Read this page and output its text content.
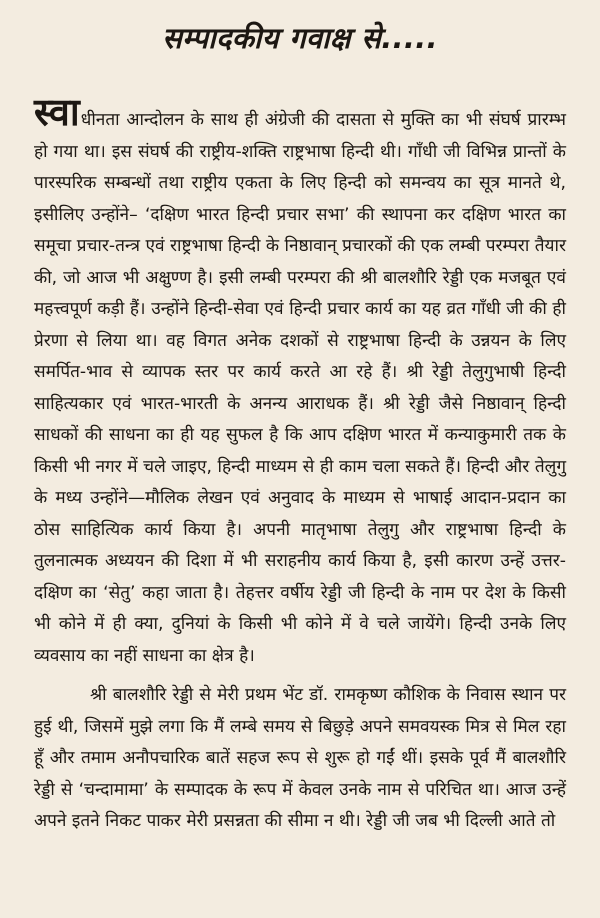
सम्पादकीय गवाक्ष से.....

स्वाधीनता आन्दोलन के साथ ही अंग्रेजी की दासता से मुक्ति का भी संघर्ष प्रारम्भ हो गया था। इस संघर्ष की राष्ट्रीय-शक्ति राष्ट्रभाषा हिन्दी थी। गाँधी जी विभिन्न प्रान्तों के पारस्परिक सम्बन्धों तथा राष्ट्रीय एकता के लिए हिन्दी को समन्वय का सूत्र मानते थे, इसीलिए उन्होंने– ‘दक्षिण भारत हिन्दी प्रचार सभा’ की स्थापना कर दक्षिण भारत का समूचा प्रचार-तन्त्र एवं राष्ट्रभाषा हिन्दी के निष्ठावान् प्रचारकों की एक लम्बी परम्परा तैयार की, जो आज भी अक्षुण्ण है। इसी लम्बी परम्परा की श्री बालशौरि रेड्डी एक मजबूत एवं महत्त्वपूर्ण कड़ी हैं। उन्होंने हिन्दी-सेवा एवं हिन्दी प्रचार कार्य का यह व्रत गाँधी जी की ही प्रेरणा से लिया था। वह विगत अनेक दशकों से राष्ट्रभाषा हिन्दी के उन्नयन के लिए समर्पित-भाव से व्यापक स्तर पर कार्य करते आ रहे हैं। श्री रेड्डी तेलुगुभाषी हिन्दी साहित्यकार एवं भारत-भारती के अनन्य आराधक हैं। श्री रेड्डी जैसे निष्ठावान् हिन्दी साधकों की साधना का ही यह सुफल है कि आप दक्षिण भारत में कन्याकुमारी तक के किसी भी नगर में चले जाइए, हिन्दी माध्यम से ही काम चला सकते हैं। हिन्दी और तेलुगु के मध्य उन्होंने—मौलिक लेखन एवं अनुवाद के माध्यम से भाषाई आदान-प्रदान का ठोस साहित्यिक कार्य किया है। अपनी मातृभाषा तेलुगु और राष्ट्रभाषा हिन्दी के तुलनात्मक अध्ययन की दिशा में भी सराहनीय कार्य किया है, इसी कारण उन्हें उत्तर-दक्षिण का ‘सेतु’ कहा जाता है। तेहत्तर वर्षीय रेड्डी जी हिन्दी के नाम पर देश के किसी भी कोने में ही क्या, दुनियां के किसी भी कोने में वे चले जायेंगे। हिन्दी उनके लिए व्यवसाय का नहीं साधना का क्षेत्र है।

श्री बालशौरि रेड्डी से मेरी प्रथम भेंट डॉ. रामकृष्ण कौशिक के निवास स्थान पर हुई थी, जिसमें मुझे लगा कि मैं लम्बे समय से बिछुड़े अपने समवयस्क मित्र से मिल रहा हूँ और तमाम अनौपचारिक बातें सहज रूप से शुरू हो गईं थीं। इसके पूर्व मैं बालशौरि रेड्डी से ‘चन्दामामा’ के सम्पादक के रूप में केवल उनके नाम से परिचित था। आज उन्हें अपने इतने निकट पाकर मेरी प्रसन्नता की सीमा न थी। रेड्डी जी जब भी दिल्ली आते तो
